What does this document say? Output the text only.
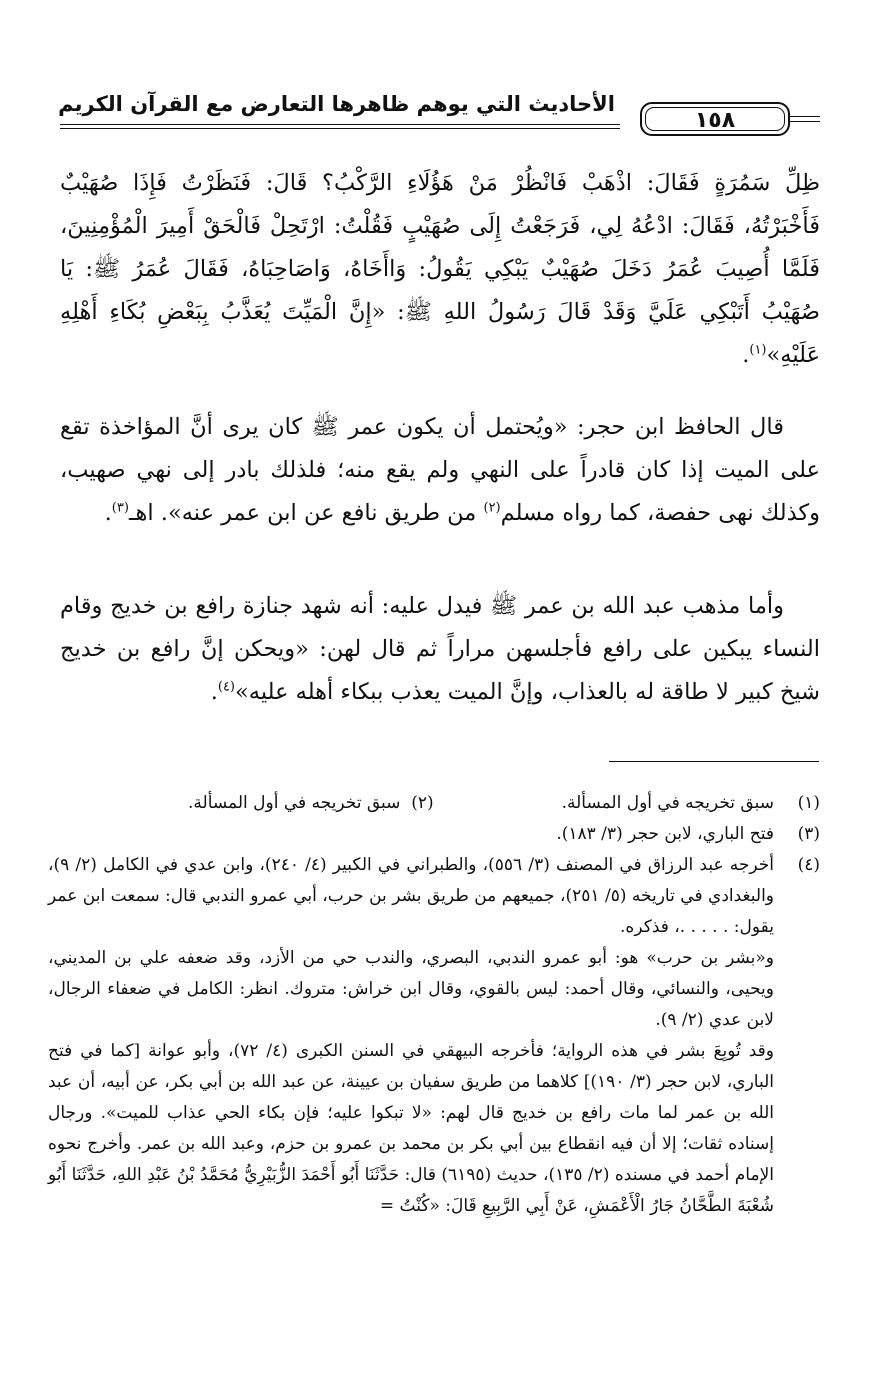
١٥٨
الأحاديث التي يوهم ظاهرها التعارض مع القرآن الكريم
ظِلِّ سَمُرَةٍ فَقَالَ: اذْهَبْ فَانْظُرْ مَنْ هَؤُلَاءِ الرَّكْبُ؟ قَالَ: فَنَظَرْتُ فَإِذَا صُهَيْبٌ فَأَخْبَرْتُهُ، فَقَالَ: ادْعُهُ لِي، فَرَجَعْتُ إِلَى صُهَيْبٍ فَقُلْتُ: ارْتَحِلْ فَالْحَقْ أَمِيرَ الْمُؤْمِنِينَ، فَلَمَّا أُصِيبَ عُمَرُ دَخَلَ صُهَيْبٌ يَبْكِي يَقُولُ: وَاأَخَاهُ، وَاصَاحِبَاهُ، فَقَالَ عُمَرُ ﷺ: يَا صُهَيْبُ أَتَبْكِي عَلَيَّ وَقَدْ قَالَ رَسُولُ اللهِ ﷺ: «إِنَّ الْمَيِّتَ يُعَذَّبُ بِبَعْضِ بُكَاءِ أَهْلِهِ عَلَيْهِ»$^{(١)}$.
قال الحافظ ابن حجر: «ويُحتمل أن يكون عمر ﷺ كان يرى أنَّ المؤاخذة تقع على الميت إذا كان قادراً على النهي ولم يقع منه؛ فلذلك بادر إلى نهي صهيب، وكذلك نهى حفصة، كما رواه مسلم$^{(٢)}$ من طريق نافع عن ابن عمر عنه». اهـ$^{(٣)}$.
وأما مذهب عبد الله بن عمر ﷺ فيدل عليه: أنه شهد جنازة رافع بن خديج وقام النساء يبكين على رافع فأجلسهن مراراً ثم قال لهن: «ويحكن إنَّ رافع بن خديج شيخ كبير لا طاقة له بالعذاب، وإنَّ الميت يعذب ببكاء أهله عليه»$^{(٤)}$.
(١)
سبق تخريجه في أول المسألة.
(٢)  سبق تخريجه في أول المسألة.
(٣)
فتح الباري، لابن حجر (٣/ ١٨٣).
(٤)
أخرجه عبد الرزاق في المصنف (٣/ ٥٥٦)، والطبراني في الكبير (٤/ ٢٤٠)، وابن عدي في الكامل (٢/ ٩)، والبغدادي في تاريخه (٥/ ٢٥١)، جميعهم من طريق بشر بن حرب، أبي عمرو الندبي قال: سمعت ابن عمر يقول: . . . . .، فذكره.
و«بشر بن حرب» هو: أبو عمرو الندبي، البصري، والندب حي من الأزد، وقد ضعفه علي بن المديني، ويحيى، والنسائي، وقال أحمد: ليس بالقوي، وقال ابن خراش: متروك. انظر: الكامل في ضعفاء الرجال، لابن عدي (٢/ ٩).
وقد تُوبِعَ بشر في هذه الرواية؛ فأخرجه البيهقي في السنن الكبرى (٤/ ٧٢)، وأبو عوانة [كما في فتح الباري، لابن حجر (٣/ ١٩٠)] كلاهما من طريق سفيان بن عيينة، عن عبد الله بن أبي بكر، عن أبيه، أن عبد الله بن عمر لما مات رافع بن خديج قال لهم: «لا تبكوا عليه؛ فإن بكاء الحي عذاب للميت». ورجال إسناده ثقات؛ إلا أن فيه انقطاع بين أبي بكر بن محمد بن عمرو بن حزم، وعبد الله بن عمر. وأخرج نحوه الإمام أحمد في مسنده (٢/ ١٣٥)، حديث (٦١٩٥) قال: حَدَّثَنَا أَبُو أَحْمَدَ الزُّبَيْرِيُّ مُحَمَّدُ بْنُ عَبْدِ اللهِ، حَدَّثَنَا أَبُو شُعْبَةَ الطَّحَّانُ جَارُ الْأَعْمَشِ، عَنْ أَبِي الرَّبِيعِ قَالَ: «كُنْتُ =
